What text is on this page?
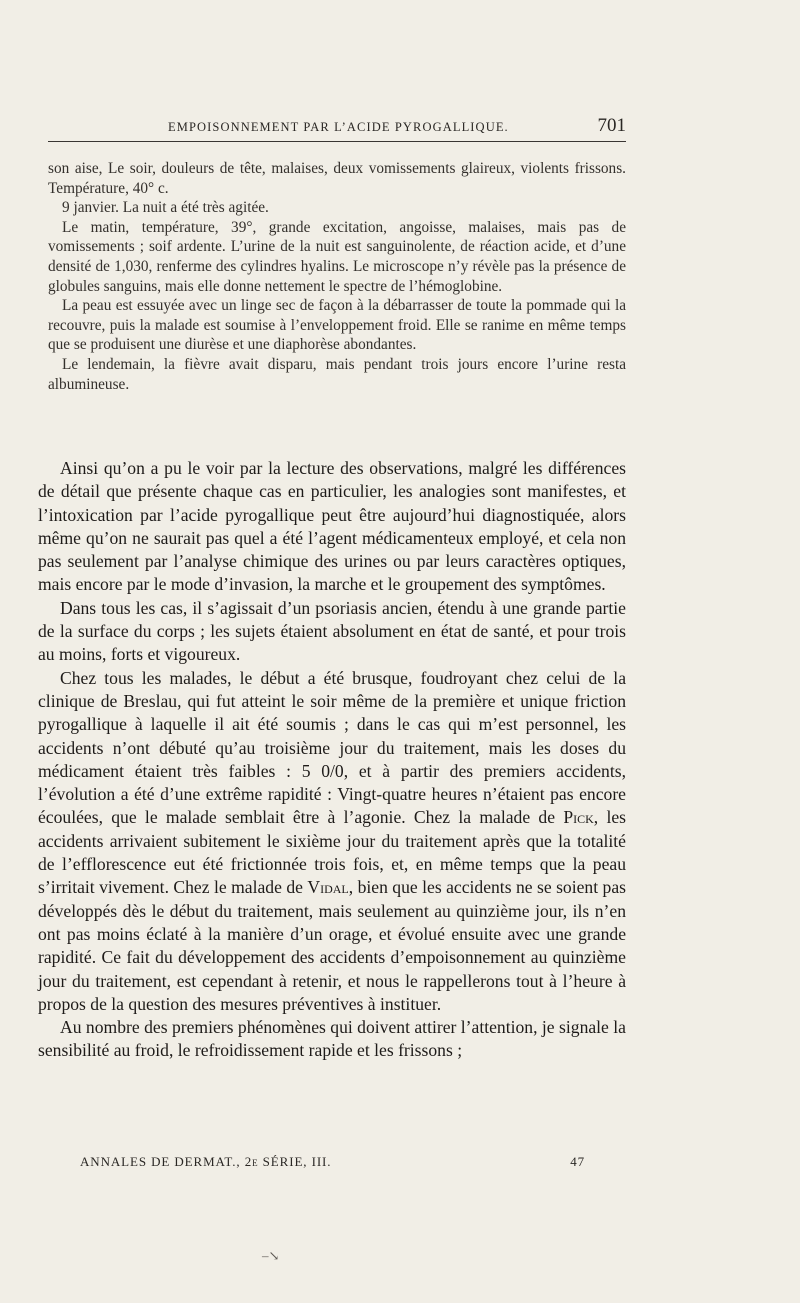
EMPOISONNEMENT PAR L’ACIDE PYROGALLIQUE.	701

son aise, Le soir, douleurs de tête, malaises, deux vomissements glaireux, violents frissons. Température, 40° c.

9 janvier. La nuit a été très agitée.

Le matin, température, 39°, grande excitation, angoisse, malaises, mais pas de vomissements ; soif ardente. L’urine de la nuit est sanguinolente, de réaction acide, et d’une densité de 1,030, renferme des cylindres hyalins. Le microscope n’y révèle pas la présence de globules sanguins, mais elle donne nettement le spectre de l’hémoglobine.

La peau est essuyée avec un linge sec de façon à la débarrasser de toute la pommade qui la recouvre, puis la malade est soumise à l’enveloppement froid. Elle se ranime en même temps que se produisent une diurèse et une diaphorèse abondantes.

Le lendemain, la fièvre avait disparu, mais pendant trois jours encore l’urine resta albumineuse.

Ainsi qu’on a pu le voir par la lecture des observations, malgré les différences de détail que présente chaque cas en particulier, les analogies sont manifestes, et l’intoxication par l’acide pyrogallique peut être aujourd’hui diagnostiquée, alors même qu’on ne saurait pas quel a été l’agent médicamenteux employé, et cela non pas seulement par l’analyse chimique des urines ou par leurs caractères optiques, mais encore par le mode d’invasion, la marche et le groupement des symptômes.

Dans tous les cas, il s’agissait d’un psoriasis ancien, étendu à une grande partie de la surface du corps ; les sujets étaient absolument en état de santé, et pour trois au moins, forts et vigoureux.

Chez tous les malades, le début a été brusque, foudroyant chez celui de la clinique de Breslau, qui fut atteint le soir même de la première et unique friction pyrogallique à laquelle il ait été soumis ; dans le cas qui m’est personnel, les accidents n’ont débuté qu’au troisième jour du traitement, mais les doses du médicament étaient très faibles : 5 0/0, et à partir des premiers accidents, l’évolution a été d’une extrême rapidité : Vingt-quatre heures n’étaient pas encore écoulées, que le malade semblait être à l’agonie. Chez la malade de Pick, les accidents arrivaient subitement le sixième jour du traitement après que la totalité de l’efflorescence eut été frictionnée trois fois, et, en même temps que la peau s’irritait vivement. Chez le malade de Vidal, bien que les accidents ne se soient pas développés dès le début du traitement, mais seulement au quinzième jour, ils n’en ont pas moins éclaté à la manière d’un orage, et évolué ensuite avec une grande rapidité. Ce fait du développement des accidents d’empoisonnement au quinzième jour du traitement, est cependant à retenir, et nous le rappellerons tout à l’heure à propos de la question des mesures préventives à instituer.

Au nombre des premiers phénomènes qui doivent attirer l’attention, je signale la sensibilité au froid, le refroidissement rapide et les frissons ;

ANNALES DE DERMAT., 2e SÉRIE, III.	47
–↘
